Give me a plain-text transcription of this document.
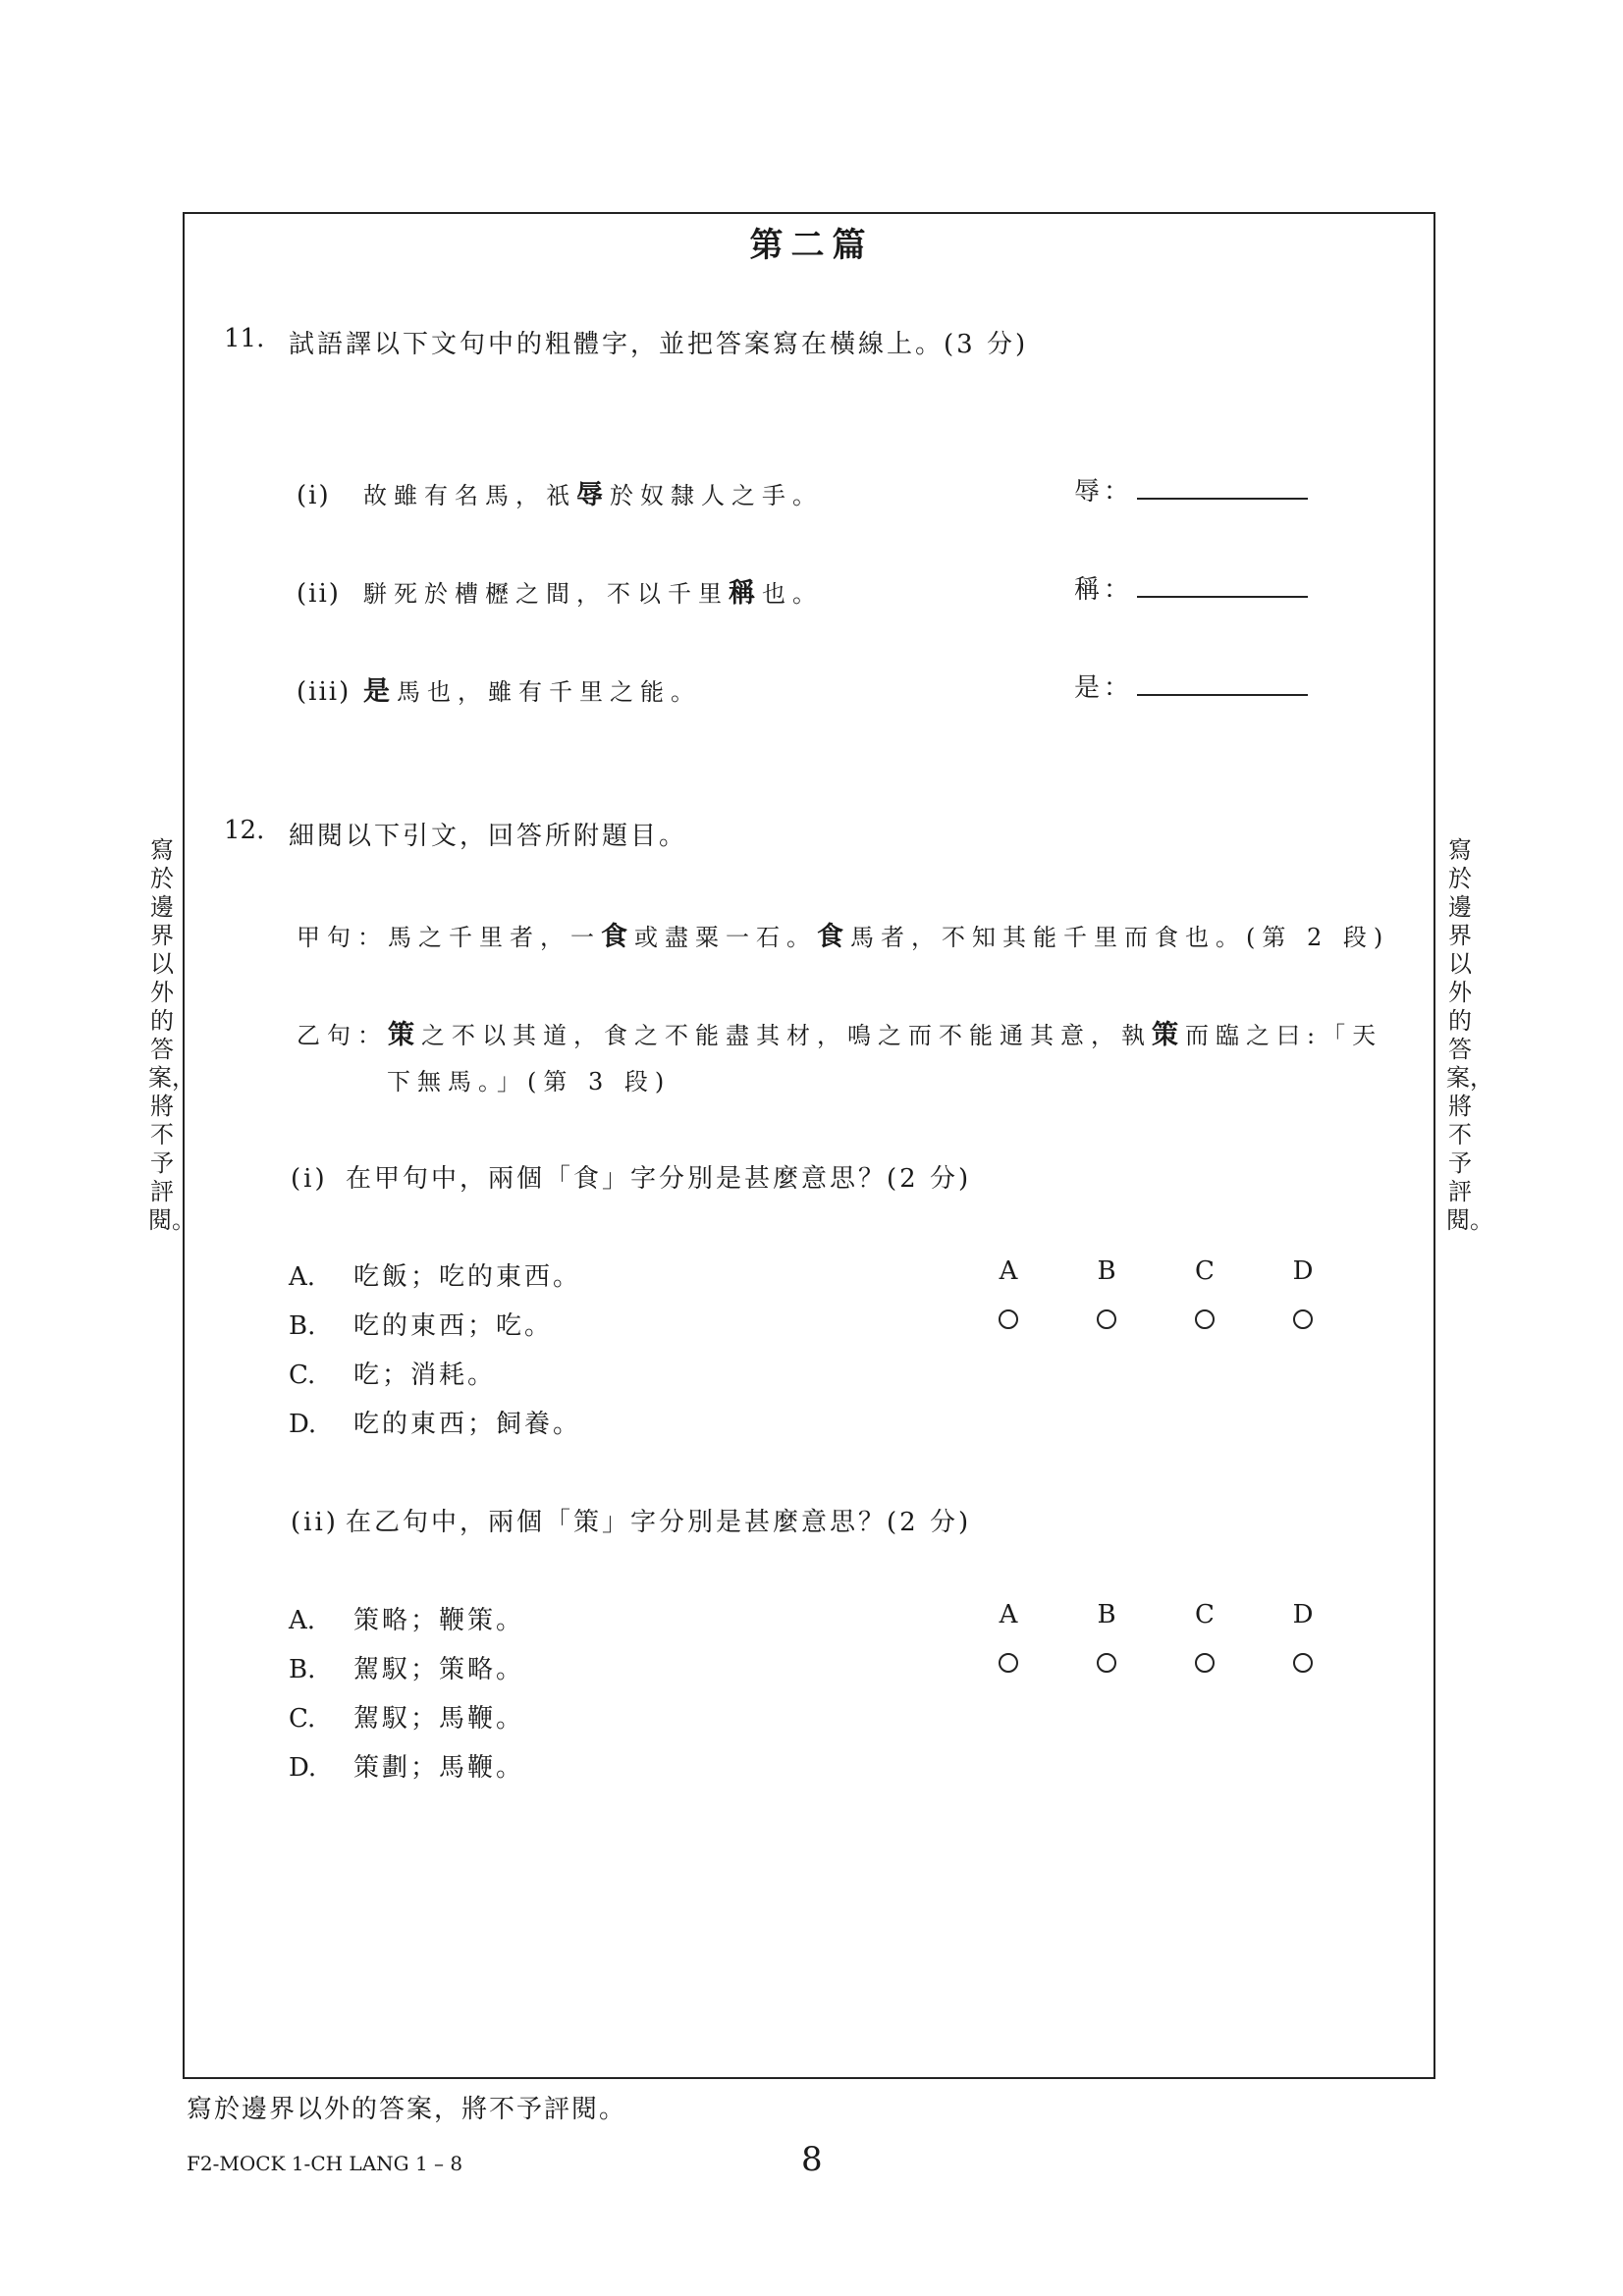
第二篇
11. 試語譯以下文句中的粗體字，並把答案寫在橫線上。(3 分)
(i) 故雖有名馬，祇辱於奴隸人之手。	辱：
(ii) 駢死於槽櫪之間，不以千里稱也。	稱：
(iii) 是馬也，雖有千里之能。	是：
12. 細閱以下引文，回答所附題目。
甲句：馬之千里者，一食或盡粟一石。食馬者，不知其能千里而食也。(第 2 段)
乙句：策之不以其道，食之不能盡其材，鳴之而不能通其意，執策而臨之曰:「天
下無馬。」(第 3 段)
(i) 在甲句中，兩個「食」字分別是甚麼意思？(2 分)
A. 吃飯；吃的東西。
B. 吃的東西；吃。
C. 吃；消耗。
D. 吃的東西；飼養。
A	B	C	D
(ii) 在乙句中，兩個「策」字分別是甚麼意思？(2 分)
A. 策略；鞭策。
B. 駕馭；策略。
C. 駕馭；馬鞭。
D. 策劃；馬鞭。
A	B	C	D
寫於邊界以外的答案，將不予評閱。
寫於邊界以外的答案，將不予評閱。
寫於邊界以外的答案，將不予評閱。
F2-MOCK 1-CH LANG 1 – 8	8
